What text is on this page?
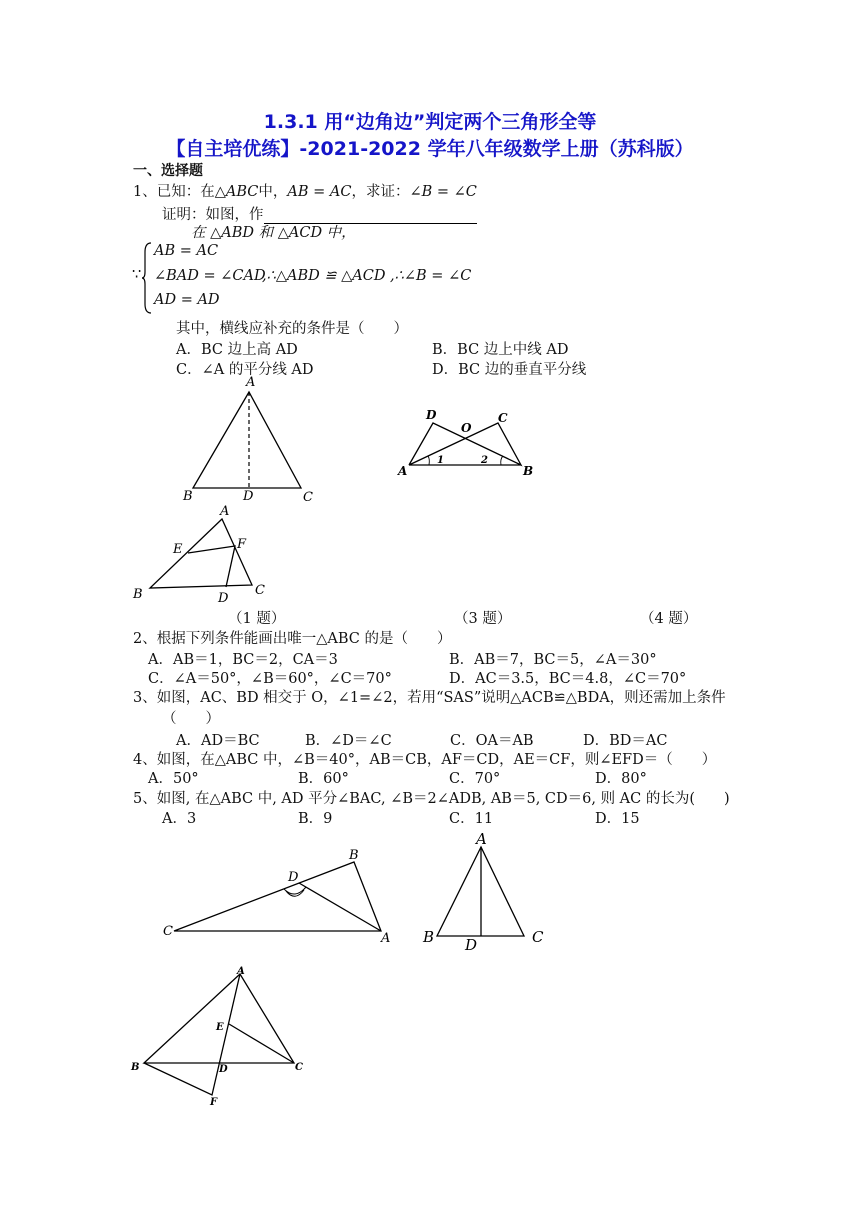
1.3.1 用“边角边”判定两个三角形全等
【自主培优练】-2021-2022 学年八年级数学上册（苏科版）
一、选择题
1、已知：在△ABC中，AB = AC，求证：∠B = ∠C
证明：如图，作
在 △ABD 和 △ACD 中，
∵
AB = AC
∠BAD = ∠CAD
,∴△ABD ≌ △ACD ,∴∠B = ∠C
AD = AD
其中，横线应补充的条件是（　　）
A．BC 边上高 AD	B．BC 边上中线 AD
C．∠A 的平分线 AD	D．BC 边的垂直平分线
A
B	D	C
D	C
O
A
1	2
B
A
E	F
B	D
C
（1 题）	（3 题）	（4 题）
2、根据下列条件能画出唯一△ABC 的是（　　）
A．AB＝1，BC＝2，CA＝3	B．AB＝7，BC＝5，∠A＝30°
C．∠A＝50°，∠B＝60°，∠C＝70°	D．AC＝3.5，BC＝4.8，∠C＝70°
3、如图，AC、BD 相交于 O，∠1=∠2，若用“SAS”说明△ACB≌△BDA，则还需加上条件
（　　）
A．AD＝BC	B．∠D＝∠C	C．OA＝AB	D．BD＝AC
4、如图，在△ABC 中，∠B＝40°，AB＝CB，AF＝CD，AE＝CF，则∠EFD＝（　　）
A．50°	B．60°	C．70°	D．80°
5、如图, 在△ABC 中, AD 平分∠BAC, ∠B＝2∠ADB, AB＝5, CD＝6, 则 AC 的长为(　　)
A．3	B．9	C．11	D．15
D
B
C	A
A
B D	C
A
E
B	D	C
F
